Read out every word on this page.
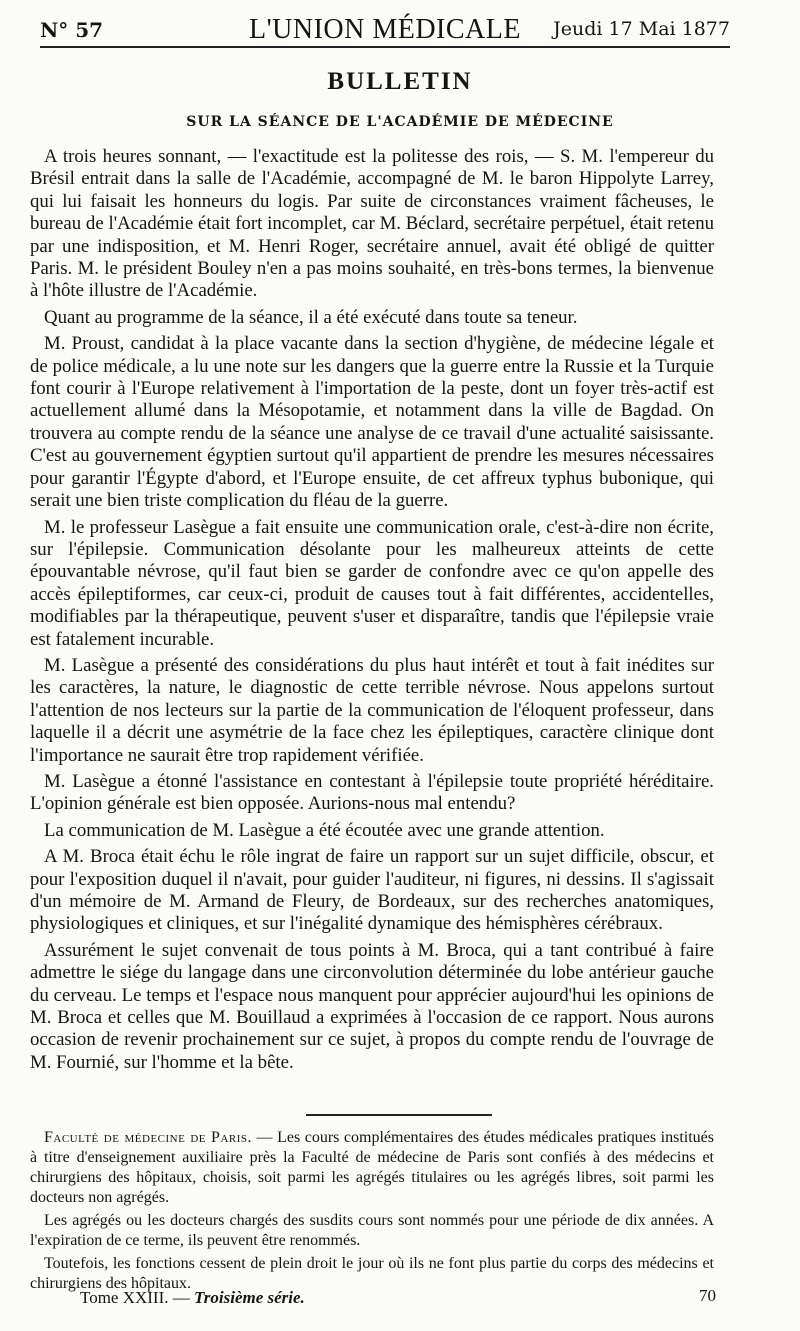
N° 57	L'UNION MÉDICALE	Jeudi 17 Mai 1877
BULLETIN
SUR LA SÉANCE DE L'ACADÉMIE DE MÉDECINE

A trois heures sonnant, — l'exactitude est la politesse des rois, — S. M. l'empereur du Brésil entrait dans la salle de l'Académie, accompagné de M. le baron Hippolyte Larrey, qui lui faisait les honneurs du logis. Par suite de circonstances vraiment fâcheuses, le bureau de l'Académie était fort incomplet, car M. Béclard, secrétaire perpétuel, était retenu par une indisposition, et M. Henri Roger, secrétaire annuel, avait été obligé de quitter Paris. M. le président Bouley n'en a pas moins souhaité, en très-bons termes, la bienvenue à l'hôte illustre de l'Académie.

Quant au programme de la séance, il a été exécuté dans toute sa teneur.

M. Proust, candidat à la place vacante dans la section d'hygiène, de médecine légale et de police médicale, a lu une note sur les dangers que la guerre entre la Russie et la Turquie font courir à l'Europe relativement à l'importation de la peste, dont un foyer très-actif est actuellement allumé dans la Mésopotamie, et notamment dans la ville de Bagdad. On trouvera au compte rendu de la séance une analyse de ce travail d'une actualité saisissante. C'est au gouvernement égyptien surtout qu'il appartient de prendre les mesures nécessaires pour garantir l'Égypte d'abord, et l'Europe ensuite, de cet affreux typhus bubonique, qui serait une bien triste complication du fléau de la guerre.

M. le professeur Lasègue a fait ensuite une communication orale, c'est-à-dire non écrite, sur l'épilepsie. Communication désolante pour les malheureux atteints de cette épouvantable névrose, qu'il faut bien se garder de confondre avec ce qu'on appelle des accès épileptiformes, car ceux-ci, produit de causes tout à fait différentes, accidentelles, modifiables par la thérapeutique, peuvent s'user et disparaître, tandis que l'épilepsie vraie est fatalement incurable.

M. Lasègue a présenté des considérations du plus haut intérêt et tout à fait inédites sur les caractères, la nature, le diagnostic de cette terrible névrose. Nous appelons surtout l'attention de nos lecteurs sur la partie de la communication de l'éloquent professeur, dans laquelle il a décrit une asymétrie de la face chez les épileptiques, caractère clinique dont l'importance ne saurait être trop rapidement vérifiée.

M. Lasègue a étonné l'assistance en contestant à l'épilepsie toute propriété héréditaire. L'opinion générale est bien opposée. Aurions-nous mal entendu?

La communication de M. Lasègue a été écoutée avec une grande attention.

A M. Broca était échu le rôle ingrat de faire un rapport sur un sujet difficile, obscur, et pour l'exposition duquel il n'avait, pour guider l'auditeur, ni figures, ni dessins. Il s'agissait d'un mémoire de M. Armand de Fleury, de Bordeaux, sur des recherches anatomiques, physiologiques et cliniques, et sur l'inégalité dynamique des hémisphères cérébraux.

Assurément le sujet convenait de tous points à M. Broca, qui a tant contribué à faire admettre le siége du langage dans une circonvolution déterminée du lobe antérieur gauche du cerveau. Le temps et l'espace nous manquent pour apprécier aujourd'hui les opinions de M. Broca et celles que M. Bouillaud a exprimées à l'occasion de ce rapport. Nous aurons occasion de revenir prochainement sur ce sujet, à propos du compte rendu de l'ouvrage de M. Fournié, sur l'homme et la bête.

Faculté de médecine de Paris. — Les cours complémentaires des études médicales pratiques institués à titre d'enseignement auxiliaire près la Faculté de médecine de Paris sont confiés à des médecins et chirurgiens des hôpitaux, choisis, soit parmi les agrégés titulaires ou les agrégés libres, soit parmi les docteurs non agrégés.

Les agrégés ou les docteurs chargés des susdits cours sont nommés pour une période de dix années. A l'expiration de ce terme, ils peuvent être renommés.

Toutefois, les fonctions cessent de plein droit le jour où ils ne font plus partie du corps des médecins et chirurgiens des hôpitaux.

Tome XXIII. — Troisième série.	70
